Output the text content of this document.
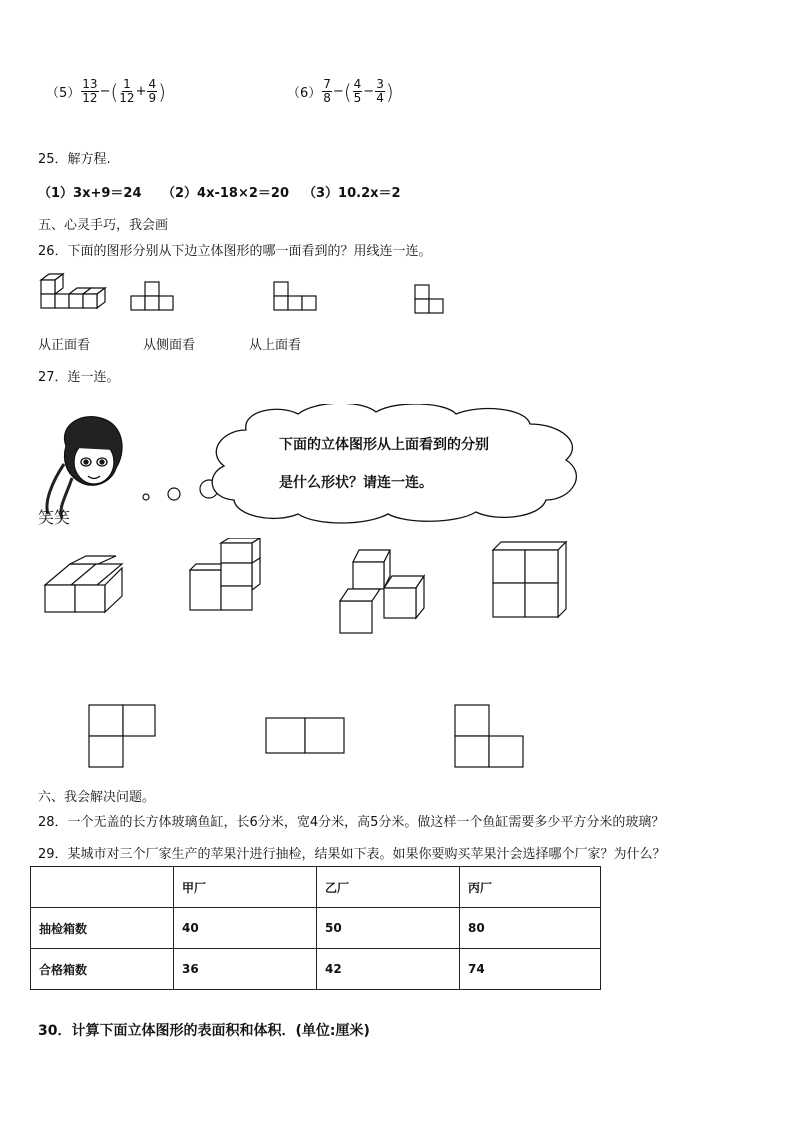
$(5) \frac{13}{12}$ − ( $\frac{1}{12} + \frac{4}{9}$ )	$(6) \frac{7}{8}$ − ( $\frac{4}{5} - \frac{3}{4}$ )
25．解方程.
（1）3x+9＝24 （2）4x-18×2＝20 （3）10.2x＝2
五、心灵手巧，我会画
26．下面的图形分别从下边立体图形的哪一面看到的？用线连一连。
从正面看	从侧面看	从上面看
27．连一连。
笑笑
下面的立体图形从上面看到的分别
是什么形状？请连一连。
六、我会解决问题。
28．一个无盖的长方体玻璃鱼缸，长6分米，宽4分米，高5分米。做这样一个鱼缸需要多少平方分米的玻璃？
29．某城市对三个厂家生产的苹果汁进行抽检，结果如下表。如果你要购买苹果汁会选择哪个厂家？为什么？
	甲厂	乙厂	丙厂
抽检箱数	40	50	80
合格箱数	36	42	74
30．计算下面立体图形的表面积和体积．(单位:厘米)
